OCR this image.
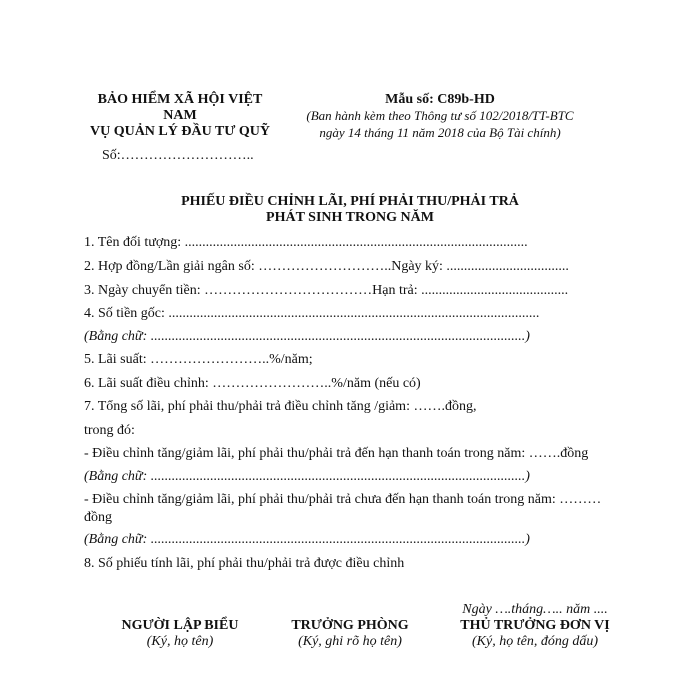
BẢO HIỂM XÃ HỘI VIỆT
NAM
VỤ QUẢN LÝ ĐẦU TƯ QUỸ
Số:………………………..
Mẫu số: C89b-HD
(Ban hành kèm theo Thông tư số 102/2018/TT-BTC
ngày 14 tháng 11 năm 2018 của Bộ Tài chính)
PHIẾU ĐIỀU CHỈNH LÃI, PHÍ PHẢI THU/PHẢI TRẢ
PHÁT SINH TRONG NĂM
1. Tên đối tượng: ..................................................................................................
2. Hợp đồng/Lần giải ngân số: ………………………..Ngày ký: ...................................
3. Ngày chuyển tiền: ………………………………Hạn trả: ..........................................
4. Số tiền gốc: ..........................................................................................................
(Bằng chữ: ...........................................................................................................)
5. Lãi suất: ……………………..%/năm;
6. Lãi suất điều chỉnh: ……………………..%/năm (nếu có)
7. Tổng số lãi, phí phải thu/phải trả điều chỉnh tăng /giảm: …….đồng,
trong đó:
- Điều chỉnh tăng/giảm lãi, phí phải thu/phải trả đến hạn thanh toán trong năm: …….đồng
(Bằng chữ: ...........................................................................................................)
- Điều chỉnh tăng/giảm lãi, phí phải thu/phải trả chưa đến hạn thanh toán trong năm: ………
đồng
(Bằng chữ: ...........................................................................................................)
8. Số phiếu tính lãi, phí phải thu/phải trả được điều chỉnh
Ngày ….tháng….. năm ....
NGƯỜI LẬP BIỂU
(Ký, họ tên)
TRƯỞNG PHÒNG
(Ký, ghi rõ họ tên)
THỦ TRƯỞNG ĐƠN VỊ
(Ký, họ tên, đóng dấu)
